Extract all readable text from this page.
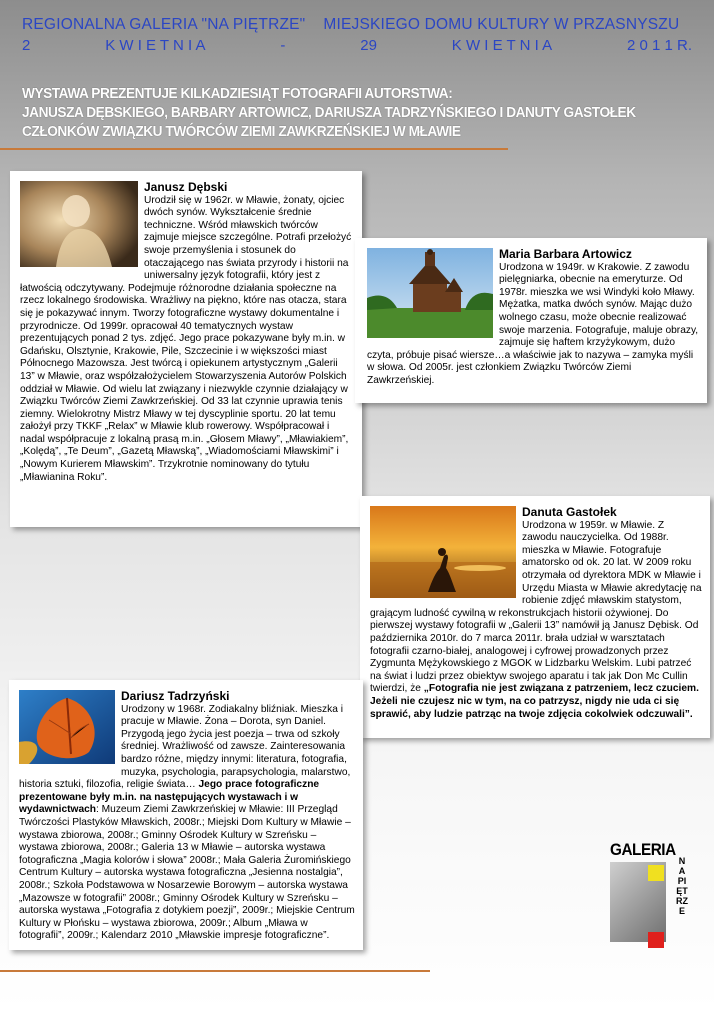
REGIONALNA GALERIA "NA PIĘTRZE" MIEJSKIEGO DOMU KULTURY W PRZASNYSZU
2	K W I E T N I A	-	29	K W I E T N I A	2 0 1 1 R.
WYSTAWA PREZENTUJE KILKADZIESIĄT FOTOGRAFII AUTORSTWA:
JANUSZA DĘBSKIEGO, BARBARY ARTOWICZ, DARIUSZA TADRZYŃSKIEGO I DANUTY GASTOŁEK
CZŁONKÓW ZWIĄZKU TWÓRCÓW ZIEMI ZAWKRZEŃSKIEJ W MŁAWIE
Janusz Dębski
Urodził się w 1962r. w Mławie, żonaty, ojciec dwóch synów. Wykształcenie średnie techniczne. Wśród mławskich twórców zajmuje miejsce szczególne. Potrafi przełożyć swoje przemyślenia i stosunek do otaczającego nas świata przyrody i historii na uniwersalny język fotografii, który jest z łatwością odczytywany. Podejmuje różnorodne działania społeczne na rzecz lokalnego środowiska. Wrażliwy na piękno, które nas otacza, stara się je pokazywać innym. Tworzy fotograficzne wystawy dokumentalne i przyrodnicze. Od 1999r. opracował 40 tematycznych wystaw prezentujących ponad 2 tys. zdjęć. Jego prace pokazywane były m.in. w Gdańsku, Olsztynie, Krakowie, Pile, Szczecinie i w większości miast Północnego Mazowsza. Jest twórcą i opiekunem artystycznym „Galerii 13” w Mławie, oraz współzałożycielem Stowarzyszenia Autorów Polskich oddział w Mławie. Od wielu lat związany i niezwykle czynnie działający w Związku Twórców Ziemi Zawkrzeńskiej. Od 33 lat czynnie uprawia tenis ziemny. Wielokrotny Mistrz Mławy w tej dyscyplinie sportu. 20 lat temu założył przy TKKF „Relax” w Mławie klub rowerowy. Współpracował i nadal współpracuje z lokalną prasą m.in. „Głosem Mławy”, „Mławiakiem”, „Kolędą”, „Te Deum”, „Gazetą Mławską”, „Wiadomościami Mławskimi” i „Nowym Kurierem Mławskim”. Trzykrotnie nominowany do tytułu „Mławianina Roku”.
Maria Barbara Artowicz
Urodzona w 1949r. w Krakowie. Z zawodu pielęgniarka, obecnie na emeryturze. Od 1978r. mieszka we wsi Windyki koło Mławy. Mężatka, matka dwóch synów. Mając dużo wolnego czasu, może obecnie realizować swoje marzenia. Fotografuje, maluje obrazy, zajmuje się haftem krzyżykowym, dużo czyta, próbuje pisać wiersze…a właściwie jak to nazywa – zamyka myśli w słowa. Od 2005r. jest członkiem Związku Twórców Ziemi Zawkrzeńskiej.
Danuta Gastołek
Urodzona w 1959r. w Mławie. Z zawodu nauczycielka. Od 1988r. mieszka w Mławie. Fotografuje amatorsko od ok. 20 lat. W 2009 roku otrzymała od dyrektora MDK w Mławie i Urzędu Miasta w Mławie akredytację na robienie zdjęć mławskim statystom, grającym ludność cywilną w rekonstrukcjach historii ożywionej. Do pierwszej wystawy fotografii w „Galerii 13” namówił ją Janusz Dębisk. Od października 2010r. do 7 marca 2011r. brała udział w warsztatach fotografii czarno-białej, analogowej i cyfrowej prowadzonych przez Zygmunta Mężykowskiego z MGOK w Lidzbarku Welskim. Lubi patrzeć na świat i ludzi przez obiektyw swojego aparatu i tak jak Don Mc Cullin twierdzi, że „Fotografia nie jest związana z patrzeniem, lecz czuciem. Jeżeli nie czujesz nic w tym, na co patrzysz, nigdy nie uda ci się sprawić, aby ludzie patrząc na twoje zdjęcia cokolwiek odczuwali”.
Dariusz Tadrzyński
Urodzony w 1968r. Zodiakalny bliźniak. Mieszka i pracuje w Mławie. Żona – Dorota, syn Daniel. Przygodą jego życia jest poezja – trwa od szkoły średniej. Wrażliwość od zawsze. Zainteresowania bardzo różne, między innymi: literatura, fotografia, muzyka, psychologia, parapsychologia, malarstwo, historia sztuki, filozofia, religie świata… Jego prace fotograficzne prezentowane były m.in. na następujących wystawach i w wydawnictwach: Muzeum Ziemi Zawkrzeńskiej w Mławie: III Przegląd Twórczości Plastyków Mławskich, 2008r.; Miejski Dom Kultury w Mławie – wystawa zbiorowa, 2008r.; Gminny Ośrodek Kultury w Szreńsku – wystawa zbiorowa, 2008r.; Galeria 13 w Mławie – autorska wystawa fotograficzna „Magia kolorów i słowa” 2008r.; Mała Galeria Żuromińskiego Centrum Kultury – autorska wystawa fotograficzna „Jesienna nostalgia”, 2008r.; Szkoła Podstawowa w Nosarzewie Borowym – autorska wystawa „Mazowsze w fotografii” 2008r.; Gminny Ośrodek Kultury w Szreńsku – autorska wystawa „Fotografia z dotykiem poezji”, 2009r.; Miejskie Centrum Kultury w Płońsku – wystawa zbiorowa, 2009r.; Album „Mława w fotografii”, 2009r.; Kalendarz 2010 „Mławskie impresje fotograficzne”.
GALERIA
NA PIĘTRZE
